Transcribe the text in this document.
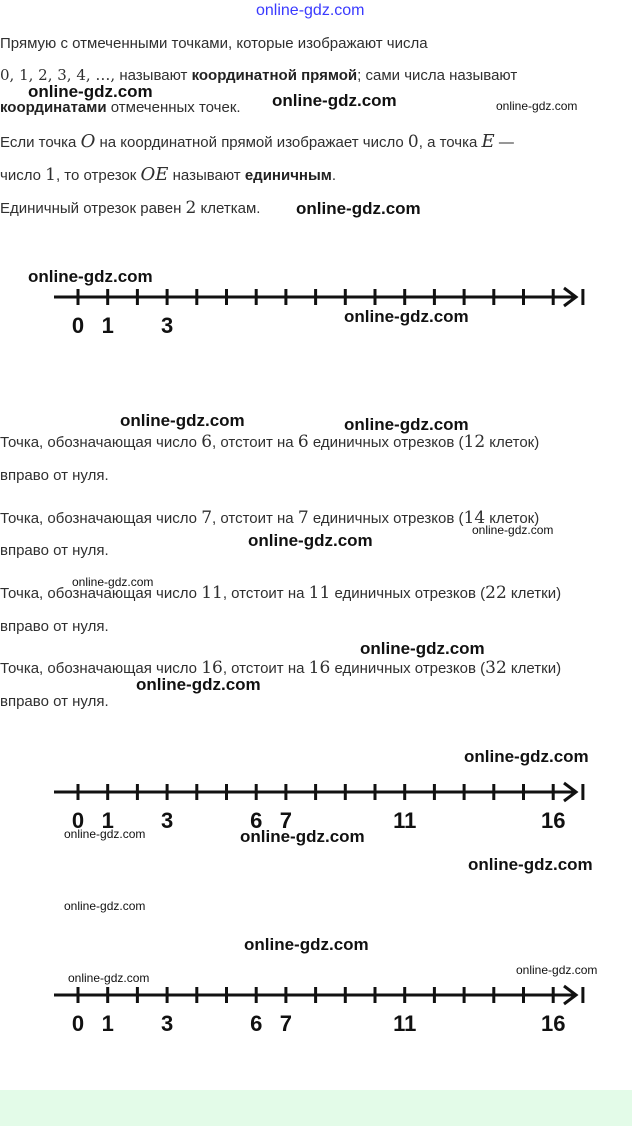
online-gdz.com
Прямую с отмеченными точками, которые изображают числа
0, 1, 2, 3, 4, …, называют координатной прямой; сами числа называют
координатами отмеченных точек.
Если точка O на координатной прямой изображает число 0, а точка E —
число 1, то отрезок OE называют единичным.
Единичный отрезок равен 2 клеткам.
0 1 3
Точка, обозначающая число 6, отстоит на 6 единичных отрезков (12 клеток)
вправо от нуля.
Точка, обозначающая число 7, отстоит на 7 единичных отрезков (14 клеток)
вправо от нуля.
Точка, обозначающая число 11, отстоит на 11 единичных отрезков (22 клетки)
вправо от нуля.
Точка, обозначающая число 16, отстоит на 16 единичных отрезков (32 клетки)
вправо от нуля.
0 1 3	6 7	11	16
0 1 3	6 7	11	16
online-gdz.com	online-gdz.com	online-gdz.com
online-gdz.com
online-gdz.com
online-gdz.com
online-gdz.com	online-gdz.com
online-gdz.com
online-gdz.com
online-gdz.com
online-gdz.com
online-gdz.com
online-gdz.com
online-gdz.com	online-gdz.com
online-gdz.com
online-gdz.com
online-gdz.com
online-gdz.com
online-gdz.com
